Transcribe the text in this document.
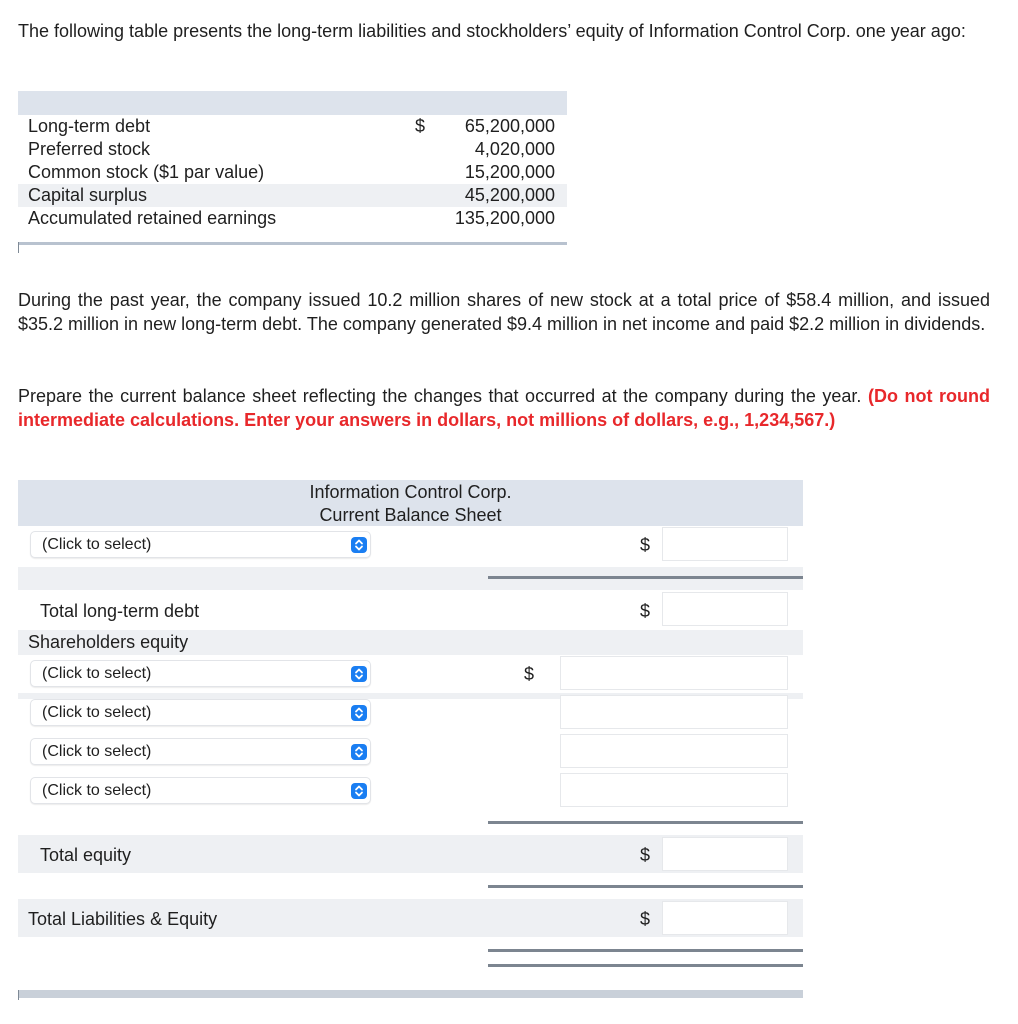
The following table presents the long-term liabilities and stockholders’ equity of Information Control Corp. one year ago:

Long-term debt	$ 65,200,000
Preferred stock	4,020,000
Common stock ($1 par value)	15,200,000
Capital surplus	45,200,000
Accumulated retained earnings	135,200,000

During the past year, the company issued 10.2 million shares of new stock at a total price of $58.4 million, and issued $35.2 million in new long-term debt. The company generated $9.4 million in net income and paid $2.2 million in dividends.

Prepare the current balance sheet reflecting the changes that occurred at the company during the year. (Do not round intermediate calculations. Enter your answers in dollars, not millions of dollars, e.g., 1,234,567.)

Information Control Corp.
Current Balance Sheet
(Click to select)	$
Total long-term debt	$
Shareholders equity
(Click to select)	$
(Click to select)
(Click to select)
(Click to select)
Total equity	$
Total Liabilities & Equity	$
